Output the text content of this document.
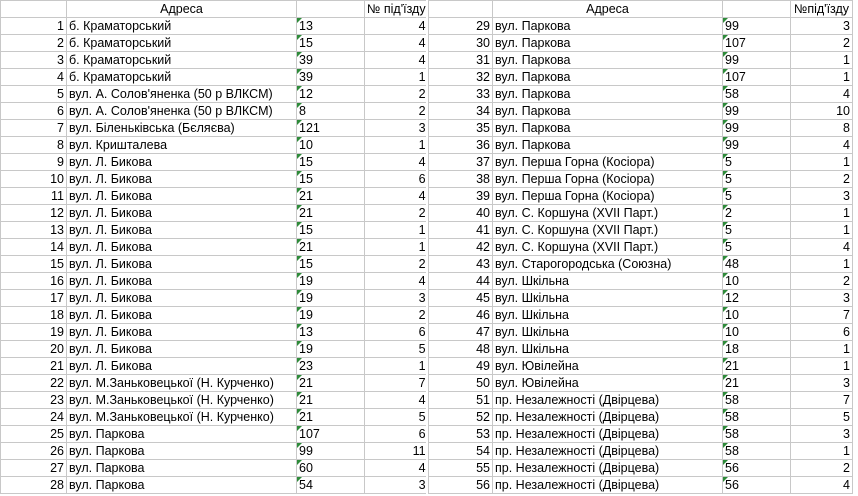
	Адреса		№ під'їзду
1	б. Краматорський	13	4
2	б. Краматорський	15	4
3	б. Краматорський	39	4
4	б. Краматорський	39	1
5	вул. А. Солов'яненка (50 р ВЛКСМ)	12	2
6	вул. А. Солов'яненка (50 р ВЛКСМ)	8	2
7	вул. Біленьківська (Бєляєва)	121	3
8	вул. Кришталева	10	1
9	вул. Л. Бикова	15	4
10	вул. Л. Бикова	15	6
11	вул. Л. Бикова	21	4
12	вул. Л. Бикова	21	2
13	вул. Л. Бикова	15	1
14	вул. Л. Бикова	21	1
15	вул. Л. Бикова	15	2
16	вул. Л. Бикова	19	4
17	вул. Л. Бикова	19	3
18	вул. Л. Бикова	19	2
19	вул. Л. Бикова	13	6
20	вул. Л. Бикова	19	5
21	вул. Л. Бикова	23	1
22	вул. М.Заньковецької (Н. Курченко)	21	7
23	вул. М.Заньковецької (Н. Курченко)	21	4
24	вул. М.Заньковецької (Н. Курченко)	21	5
25	вул. Паркова	107	6
26	вул. Паркова	99	11
27	вул. Паркова	60	4
28	вул. Паркова	54	3
	Адреса		№під'їзду
29	вул. Паркова	99	3
30	вул. Паркова	107	2
31	вул. Паркова	99	1
32	вул. Паркова	107	1
33	вул. Паркова	58	4
34	вул. Паркова	99	10
35	вул. Паркова	99	8
36	вул. Паркова	99	4
37	вул. Перша Горна (Косіора)	5	1
38	вул. Перша Горна (Косіора)	5	2
39	вул. Перша Горна (Косіора)	5	3
40	вул. С. Коршуна (XVII Парт.)	2	1
41	вул. С. Коршуна (XVII Парт.)	5	1
42	вул. С. Коршуна (XVII Парт.)	5	4
43	вул. Старогородська (Союзна)	48	1
44	вул. Шкільна	10	2
45	вул. Шкільна	12	3
46	вул. Шкільна	10	7
47	вул. Шкільна	10	6
48	вул. Шкільна	18	1
49	вул. Ювілейна	21	1
50	вул. Ювілейна	21	3
51	пр. Незалежності (Двірцева)	58	7
52	пр. Незалежності (Двірцева)	58	5
53	пр. Незалежності (Двірцева)	58	3
54	пр. Незалежності (Двірцева)	58	1
55	пр. Незалежності (Двірцева)	56	2
56	пр. Незалежності (Двірцева)	56	4
